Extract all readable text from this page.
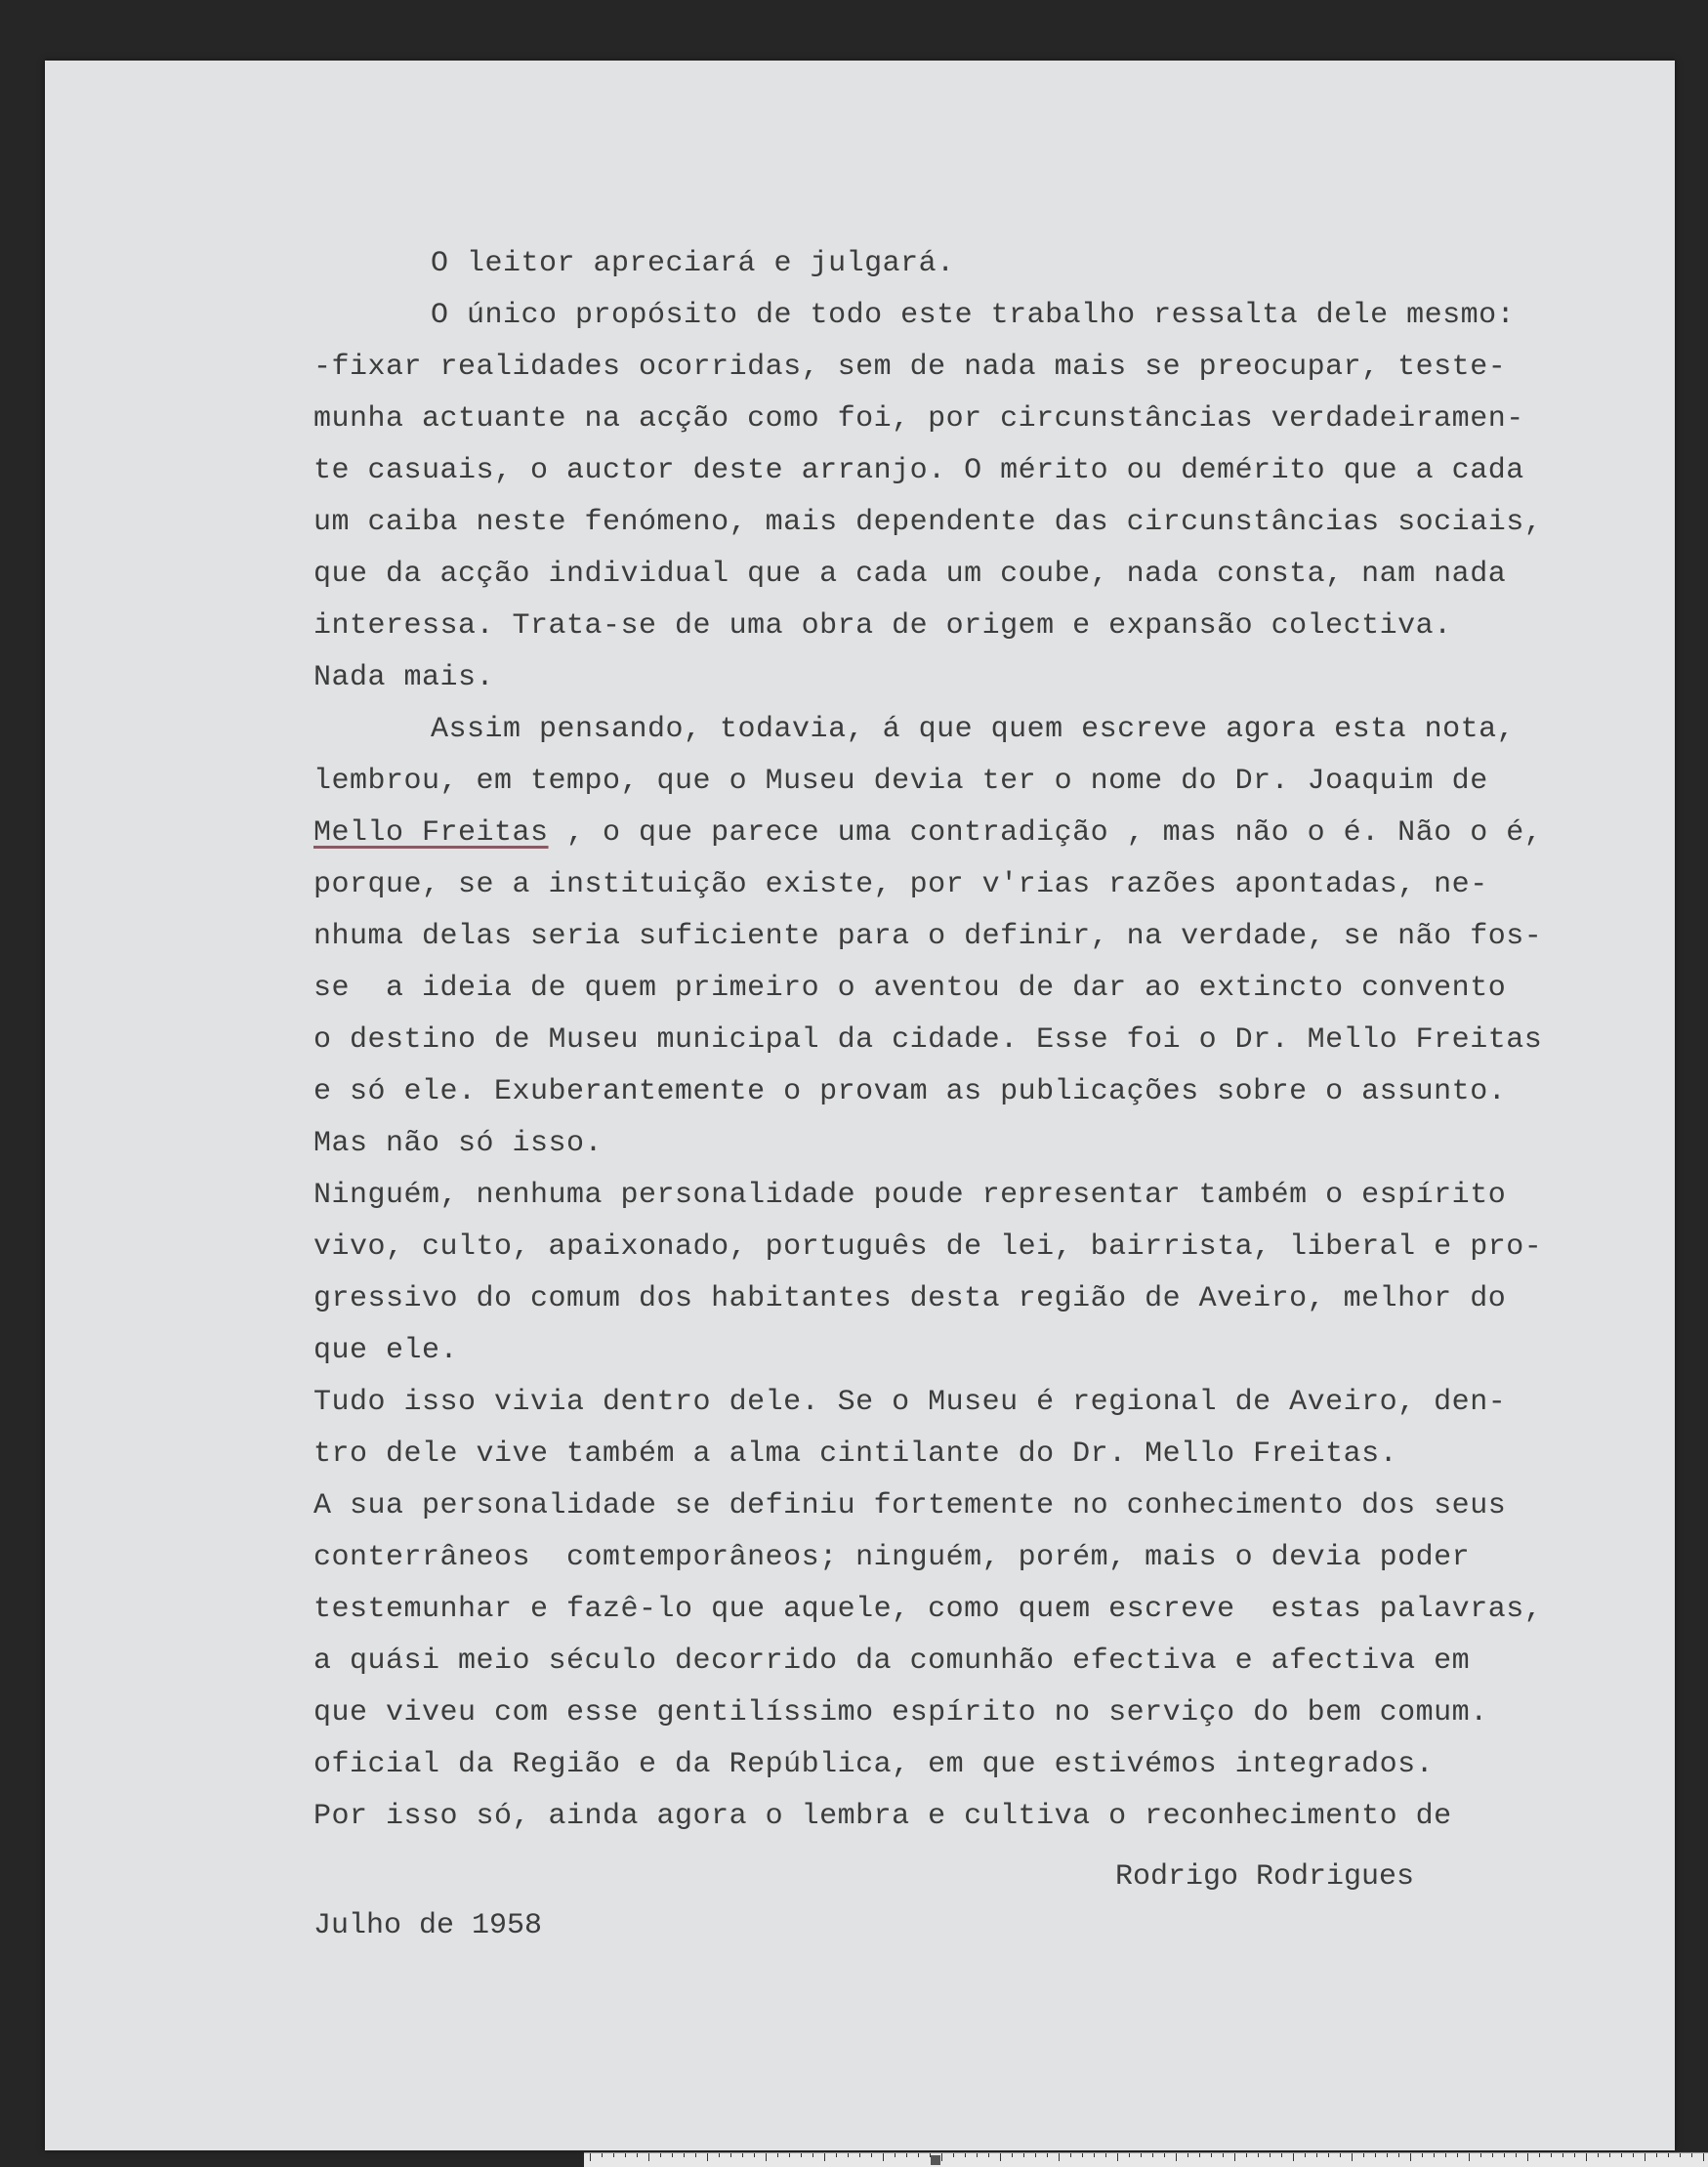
O leitor apreciará e julgará.
O único propósito de todo este trabalho ressalta dele mesmo:
-fixar realidades ocorridas, sem de nada mais se preocupar, teste-
munha actuante na acção como foi, por circunstâncias verdadeiramen-
te casuais, o auctor deste arranjo. O mérito ou demérito que a cada
um caiba neste fenómeno, mais dependente das circunstâncias sociais,
que da acção individual que a cada um coube, nada consta, nam nada
interessa. Trata-se de uma obra de origem e expansão colectiva.
Nada mais.
Assim pensando, todavia, á que quem escreve agora esta nota,
lembrou, em tempo, que o Museu devia ter o nome do Dr. Joaquim de
Mello Freitas , o que parece uma contradição , mas não o é. Não o é,
porque, se a instituição existe, por v'rias razões apontadas, ne-
nhuma delas seria suficiente para o definir, na verdade, se não fos-
se  a ideia de quem primeiro o aventou de dar ao extincto convento
o destino de Museu municipal da cidade. Esse foi o Dr. Mello Freitas
e só ele. Exuberantemente o provam as publicações sobre o assunto.
Mas não só isso.
Ninguém, nenhuma personalidade poude representar também o espírito
vivo, culto, apaixonado, português de lei, bairrista, liberal e pro-
gressivo do comum dos habitantes desta região de Aveiro, melhor do
que ele.
Tudo isso vivia dentro dele. Se o Museu é regional de Aveiro, den-
tro dele vive também a alma cintilante do Dr. Mello Freitas.
A sua personalidade se definiu fortemente no conhecimento dos seus
conterrâneos  comtemporâneos; ninguém, porém, mais o devia poder
testemunhar e fazê-lo que aquele, como quem escreve  estas palavras,
a quási meio século decorrido da comunhão efectiva e afectiva em
que viveu com esse gentilíssimo espírito no serviço do bem comum.
oficial da Região e da República, em que estivémos integrados.
Por isso só, ainda agora o lembra e cultiva o reconhecimento de
Rodrigo Rodrigues
Julho de 1958
